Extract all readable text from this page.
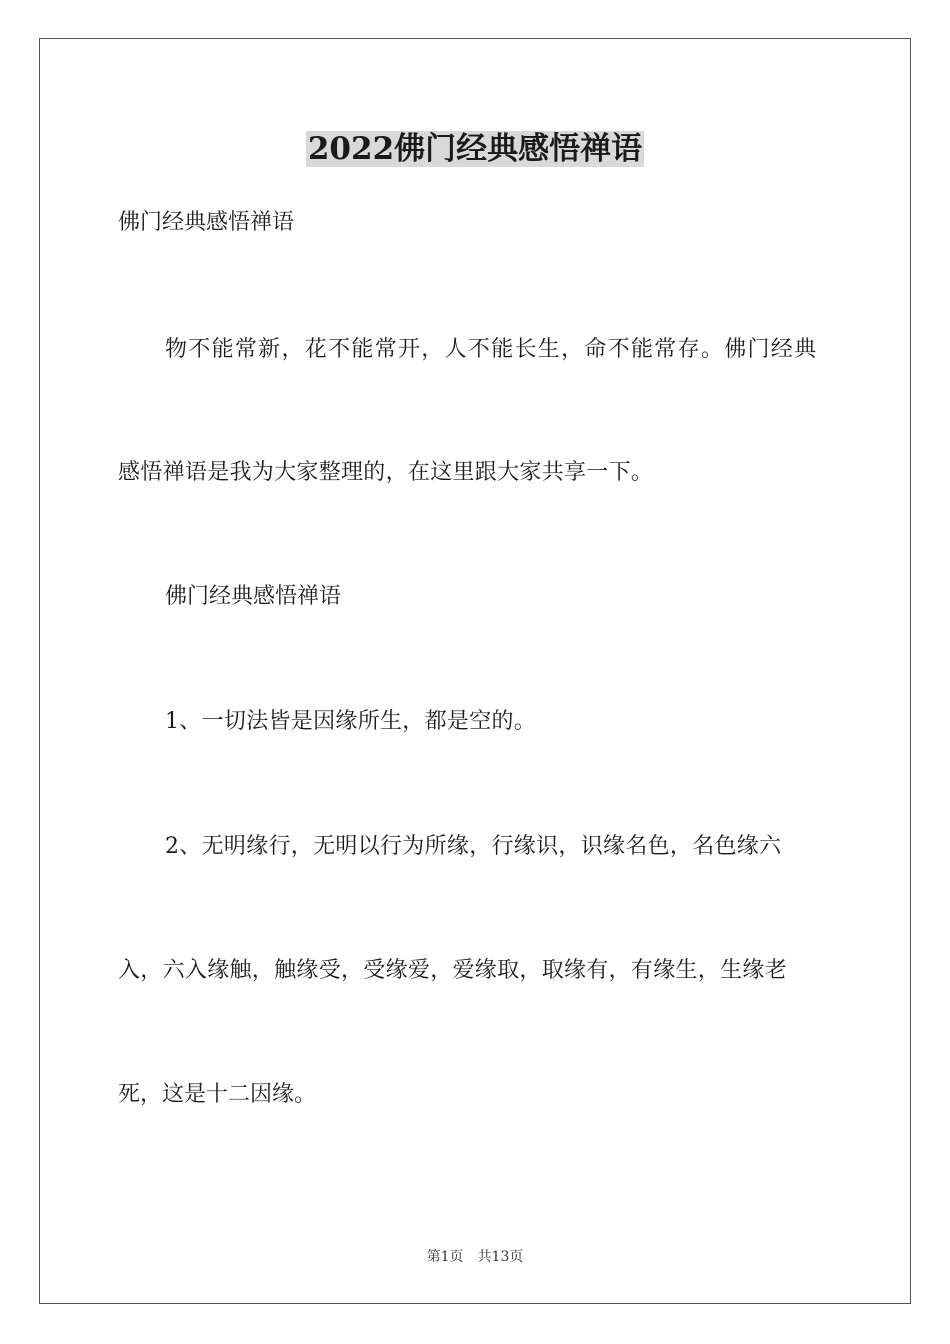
2022佛门经典感悟禅语
佛门经典感悟禅语
物不能常新，花不能常开，人不能长生，命不能常存。佛门经典
感悟禅语是我为大家整理的，在这里跟大家共享一下。
佛门经典感悟禅语
1、一切法皆是因缘所生，都是空的。
2、无明缘行，无明以行为所缘，行缘识，识缘名色，名色缘六
入，六入缘触，触缘受，受缘爱，爱缘取，取缘有，有缘生，生缘老
死，这是十二因缘。
第1页 共13页
